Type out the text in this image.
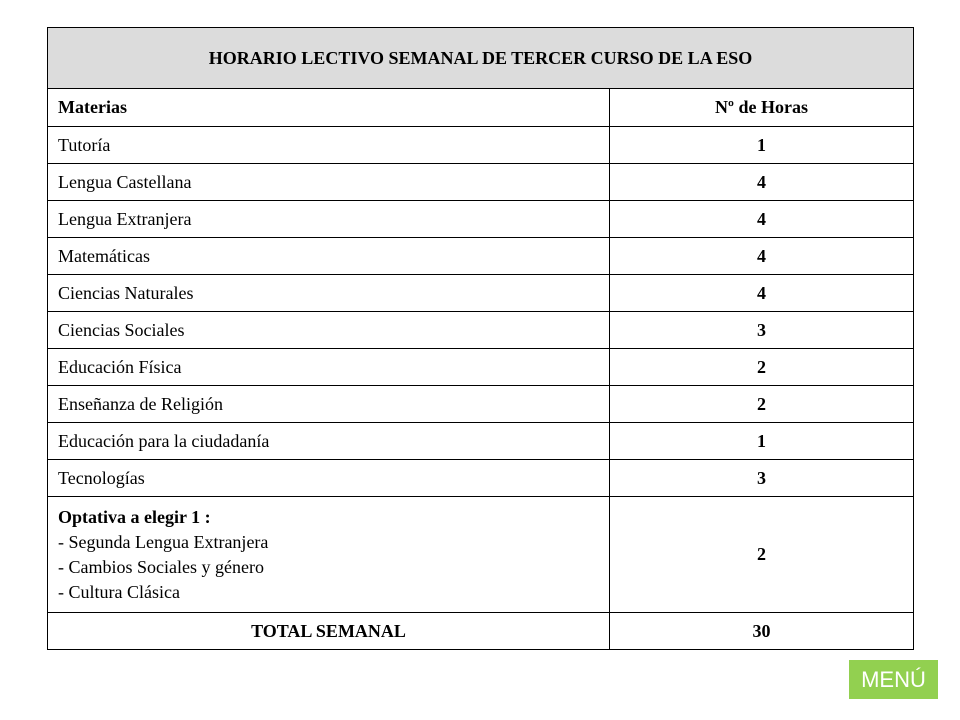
HORARIO LECTIVO SEMANAL DE TERCER CURSO DE LA ESO	
Materias	Nº de Horas
Tutoría	1
Lengua Castellana	4
Lengua Extranjera	4
Matemáticas	4
Ciencias Naturales	4
Ciencias Sociales	3
Educación Física	2
Enseñanza de Religión	2
Educación para la ciudadanía	1
Tecnologías	3

Optativa a elegir 1 :
- Segunda Lengua Extranjera
- Cambios Sociales y género
- Cultura Clásica	2
TOTAL SEMANAL	30
MENÚ
